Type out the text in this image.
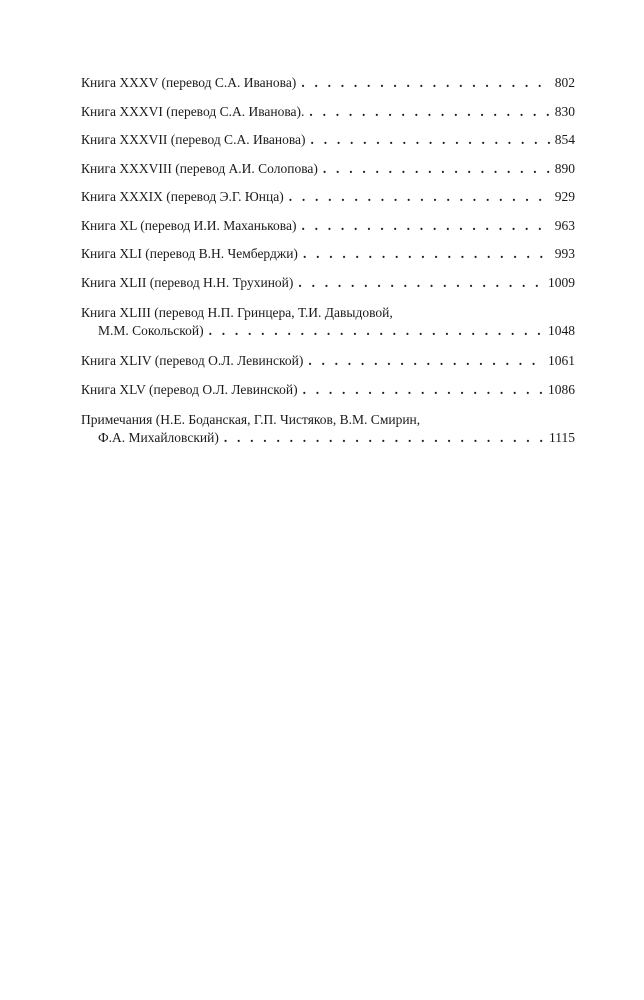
Книга XXXV (перевод С.А. Иванова) . . .	802
Книга XXXVI (перевод С.А. Иванова). . . .	830
Книга XXXVII (перевод С.А. Иванова) . . .	854
Книга XXXVIII (перевод А.И. Солопова) . . .	890
Книга XXXIX (перевод Э.Г. Юнца) . . .	929
Книга XL (перевод И.И. Маханькова) . . .	963
Книга XLI (перевод В.Н. Чемберджи) . . .	993
Книга XLII (перевод Н.Н. Трухиной) . . .	1009
Книга XLIII (перевод Н.П. Гринцера, Т.И. Давыдовой,
М.М. Сокольской) . . .	1048
Книга XLIV (перевод О.Л. Левинской) . . .	1061
Книга XLV (перевод О.Л. Левинской) . . .	1086
Примечания (Н.Е. Боданская, Г.П. Чистяков, В.М. Смирин,
Ф.А. Михайловский) . . .	1115
